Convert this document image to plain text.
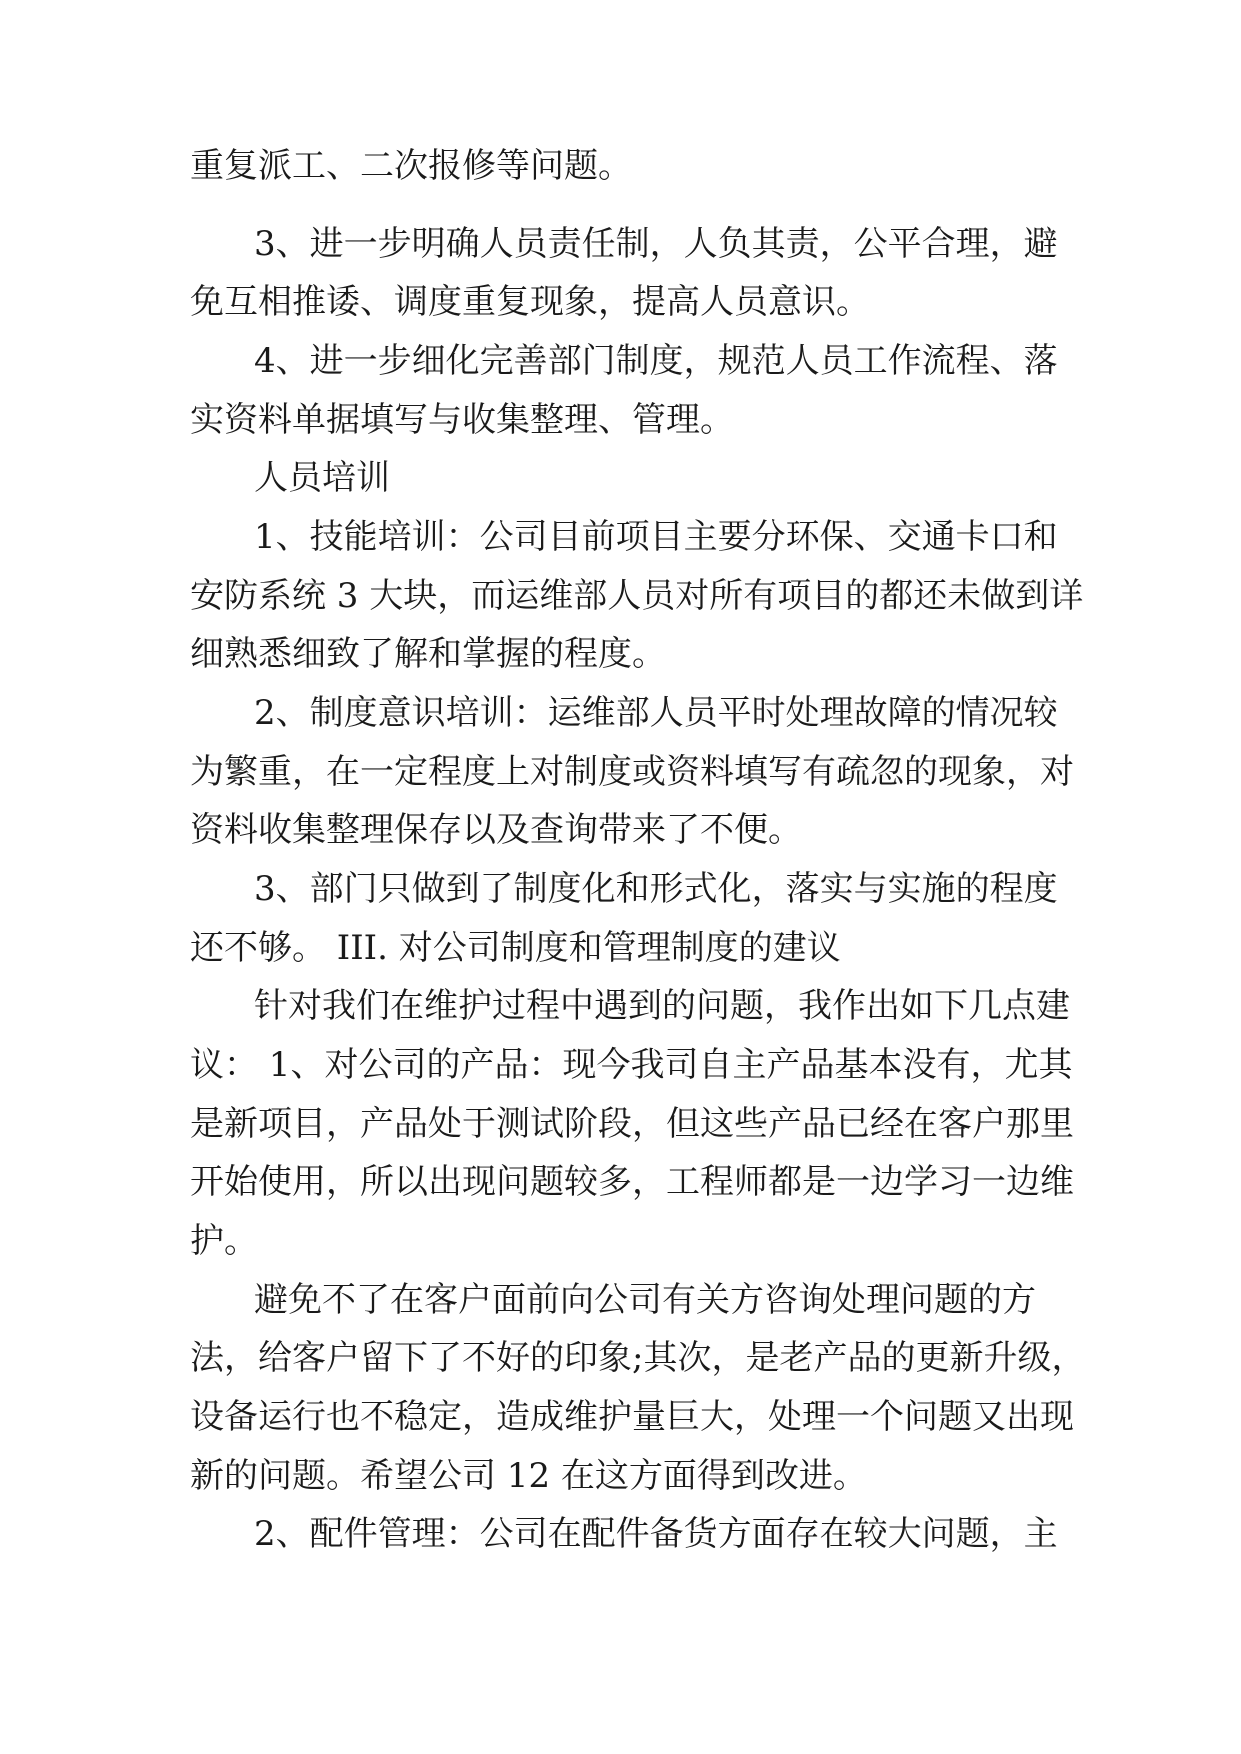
重复派工、二次报修等问题。
3、进一步明确人员责任制，人负其责，公平合理，避
免互相推诿、调度重复现象，提高人员意识。
4、进一步细化完善部门制度，规范人员工作流程、落
实资料单据填写与收集整理、管理。
人员培训
1、技能培训：公司目前项目主要分环保、交通卡口和
安防系统 3 大块，而运维部人员对所有项目的都还未做到详
细熟悉细致了解和掌握的程度。
2、制度意识培训：运维部人员平时处理故障的情况较
为繁重，在一定程度上对制度或资料填写有疏忽的现象，对
资料收集整理保存以及查询带来了不便。
3、部门只做到了制度化和形式化，落实与实施的程度
还不够。 III. 对公司制度和管理制度的建议
针对我们在维护过程中遇到的问题，我作出如下几点建
议： 1、对公司的产品：现今我司自主产品基本没有，尤其
是新项目，产品处于测试阶段，但这些产品已经在客户那里
开始使用，所以出现问题较多，工程师都是一边学习一边维
护。
避免不了在客户面前向公司有关方咨询处理问题的方
法，给客户留下了不好的印象;其次，是老产品的更新升级，
设备运行也不稳定，造成维护量巨大，处理一个问题又出现
新的问题。希望公司 12 在这方面得到改进。
2、配件管理：公司在配件备货方面存在较大问题，主
